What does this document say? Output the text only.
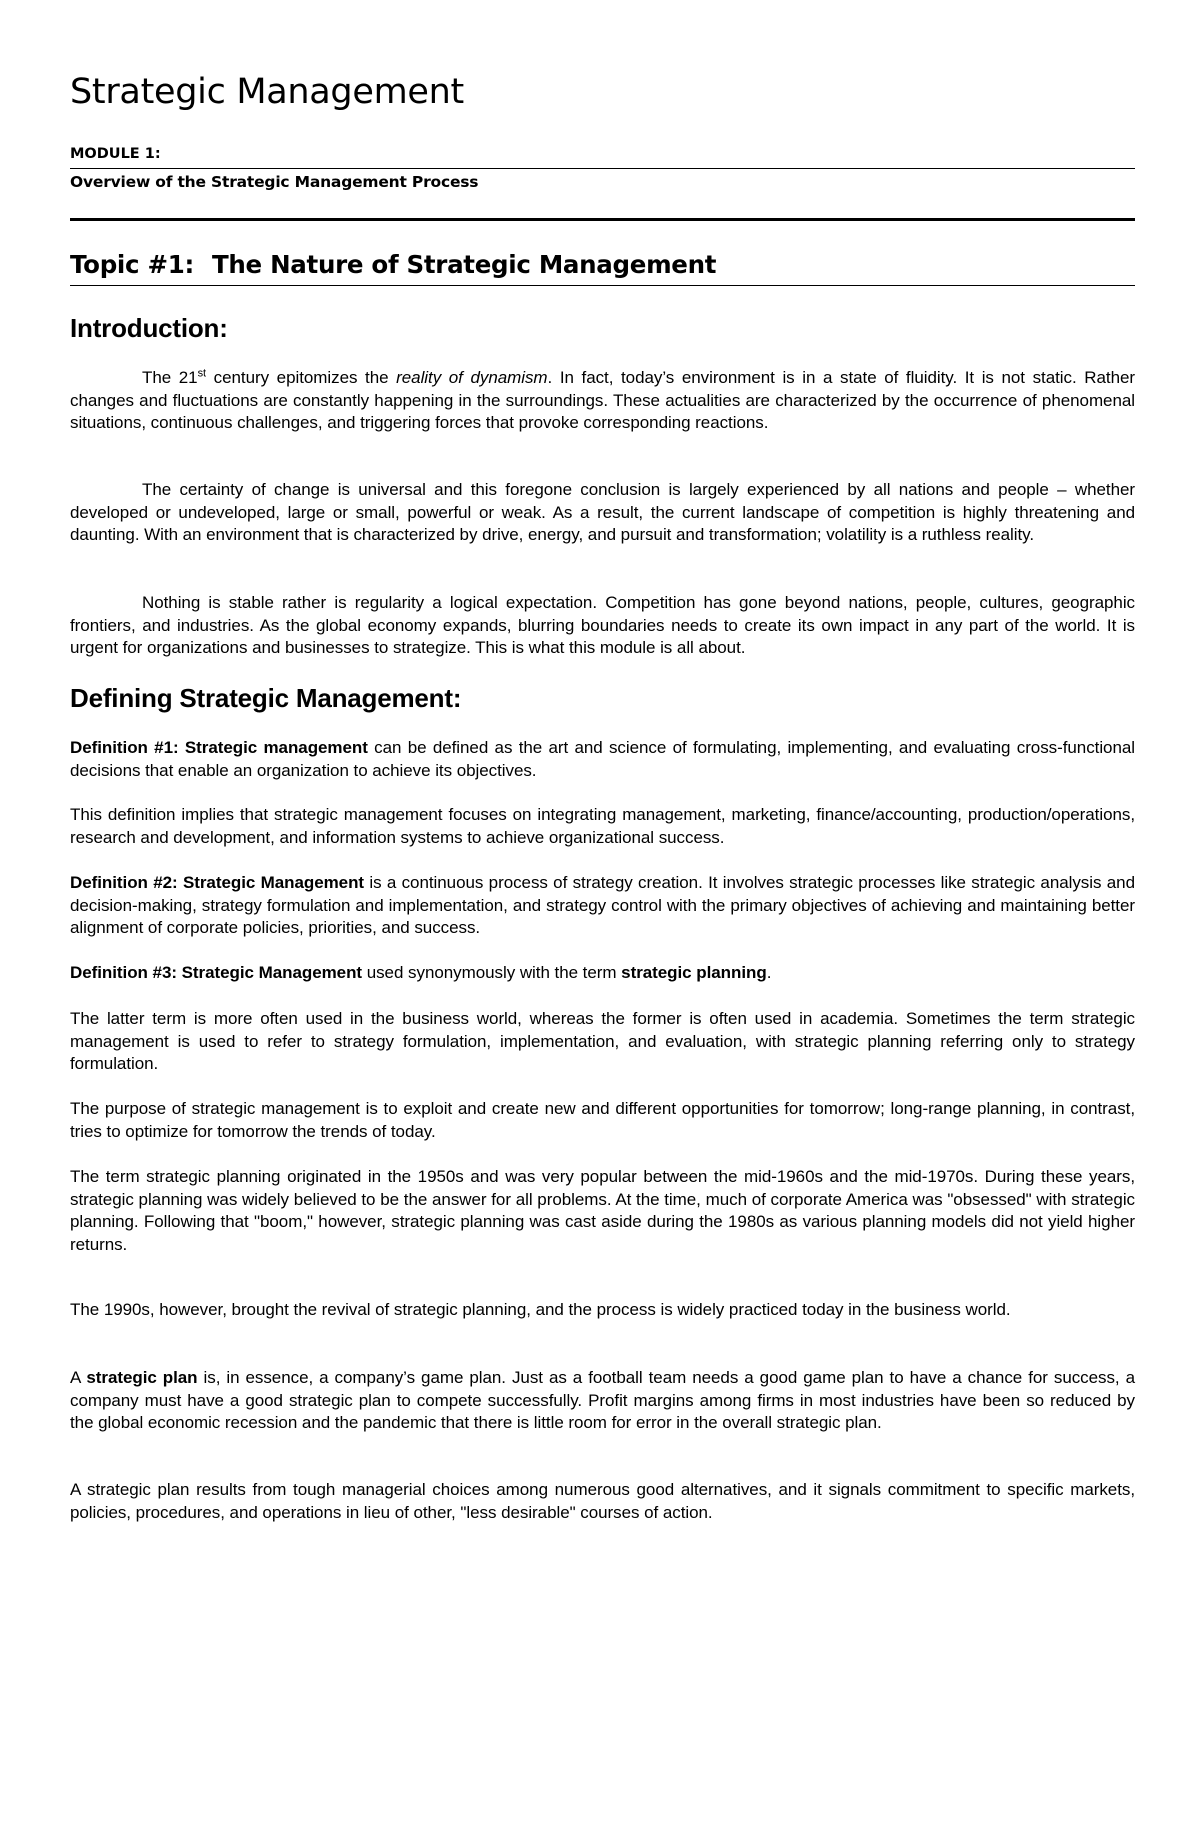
Strategic Management
MODULE 1:
Overview of the Strategic Management Process
Topic #1: The Nature of Strategic Management
Introduction:

The 21st century epitomizes the reality of dynamism. In fact, today’s environment is in a state of fluidity. It is not static. Rather changes and fluctuations are constantly happening in the surroundings. These actualities are characterized by the occurrence of phenomenal situations, continuous challenges, and triggering forces that provoke corresponding reactions.

The certainty of change is universal and this foregone conclusion is largely experienced by all nations and people – whether developed or undeveloped, large or small, powerful or weak. As a result, the current landscape of competition is highly threatening and daunting. With an environment that is characterized by drive, energy, and pursuit and transformation; volatility is a ruthless reality.

Nothing is stable rather is regularity a logical expectation. Competition has gone beyond nations, people, cultures, geographic frontiers, and industries. As the global economy expands, blurring boundaries needs to create its own impact in any part of the world. It is urgent for organizations and businesses to strategize. This is what this module is all about.

Defining Strategic Management:

Definition #1: Strategic management can be defined as the art and science of formulating, implementing, and evaluating cross-functional decisions that enable an organization to achieve its objectives.

This definition implies that strategic management focuses on integrating management, marketing, finance/accounting, production/operations, research and development, and information systems to achieve organizational success.

Definition #2: Strategic Management is a continuous process of strategy creation. It involves strategic processes like strategic analysis and decision-making, strategy formulation and implementation, and strategy control with the primary objectives of achieving and maintaining better alignment of corporate policies, priorities, and success.

Definition #3: Strategic Management used synonymously with the term strategic planning.

The latter term is more often used in the business world, whereas the former is often used in academia. Sometimes the term strategic management is used to refer to strategy formulation, implementation, and evaluation, with strategic planning referring only to strategy formulation.

The purpose of strategic management is to exploit and create new and different opportunities for tomorrow; long-range planning, in contrast, tries to optimize for tomorrow the trends of today.

The term strategic planning originated in the 1950s and was very popular between the mid-1960s and the mid-1970s. During these years, strategic planning was widely believed to be the answer for all problems. At the time, much of corporate America was "obsessed" with strategic planning. Following that "boom," however, strategic planning was cast aside during the 1980s as various planning models did not yield higher returns.

The 1990s, however, brought the revival of strategic planning, and the process is widely practiced today in the business world.

A strategic plan is, in essence, a company’s game plan. Just as a football team needs a good game plan to have a chance for success, a company must have a good strategic plan to compete successfully. Profit margins among firms in most industries have been so reduced by the global economic recession and the pandemic that there is little room for error in the overall strategic plan.

A strategic plan results from tough managerial choices among numerous good alternatives, and it signals commitment to specific markets, policies, procedures, and operations in lieu of other, "less desirable" courses of action.
